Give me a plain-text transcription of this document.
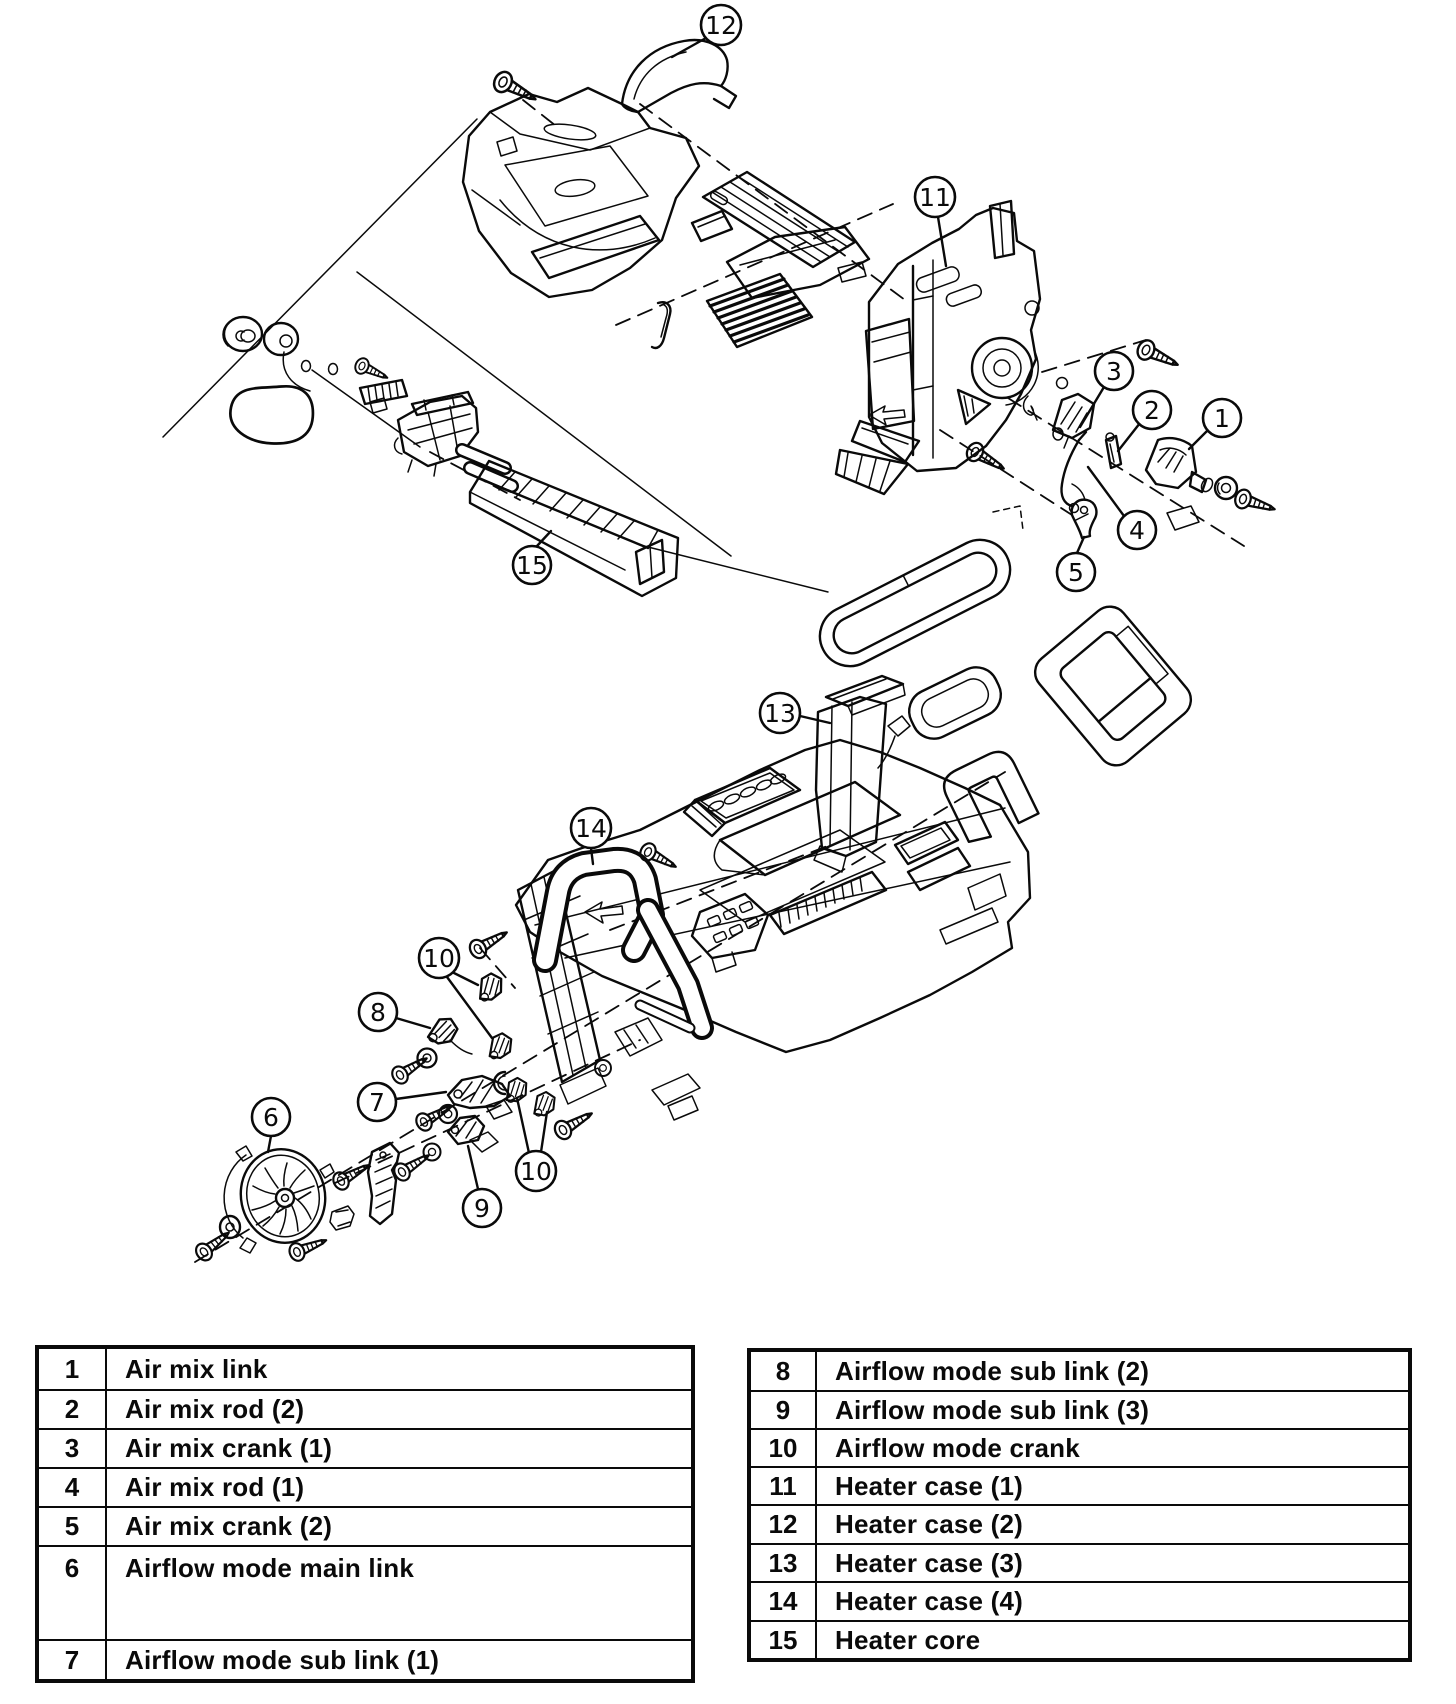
12
11
3
2 1
4
5
15
13
14
10
8
7
6
9
10
1	Air mix link
2	Air mix rod (2)
3	Air mix crank (1)
4	Air mix rod (1)
5	Air mix crank (2)
6	Airflow mode main link
7	Airflow mode sub link (1)
8	Airflow mode sub link (2)
9	Airflow mode sub link (3)
10	Airflow mode crank
11	Heater case (1)
12	Heater case (2)
13	Heater case (3)
14	Heater case (4)
15	Heater core
